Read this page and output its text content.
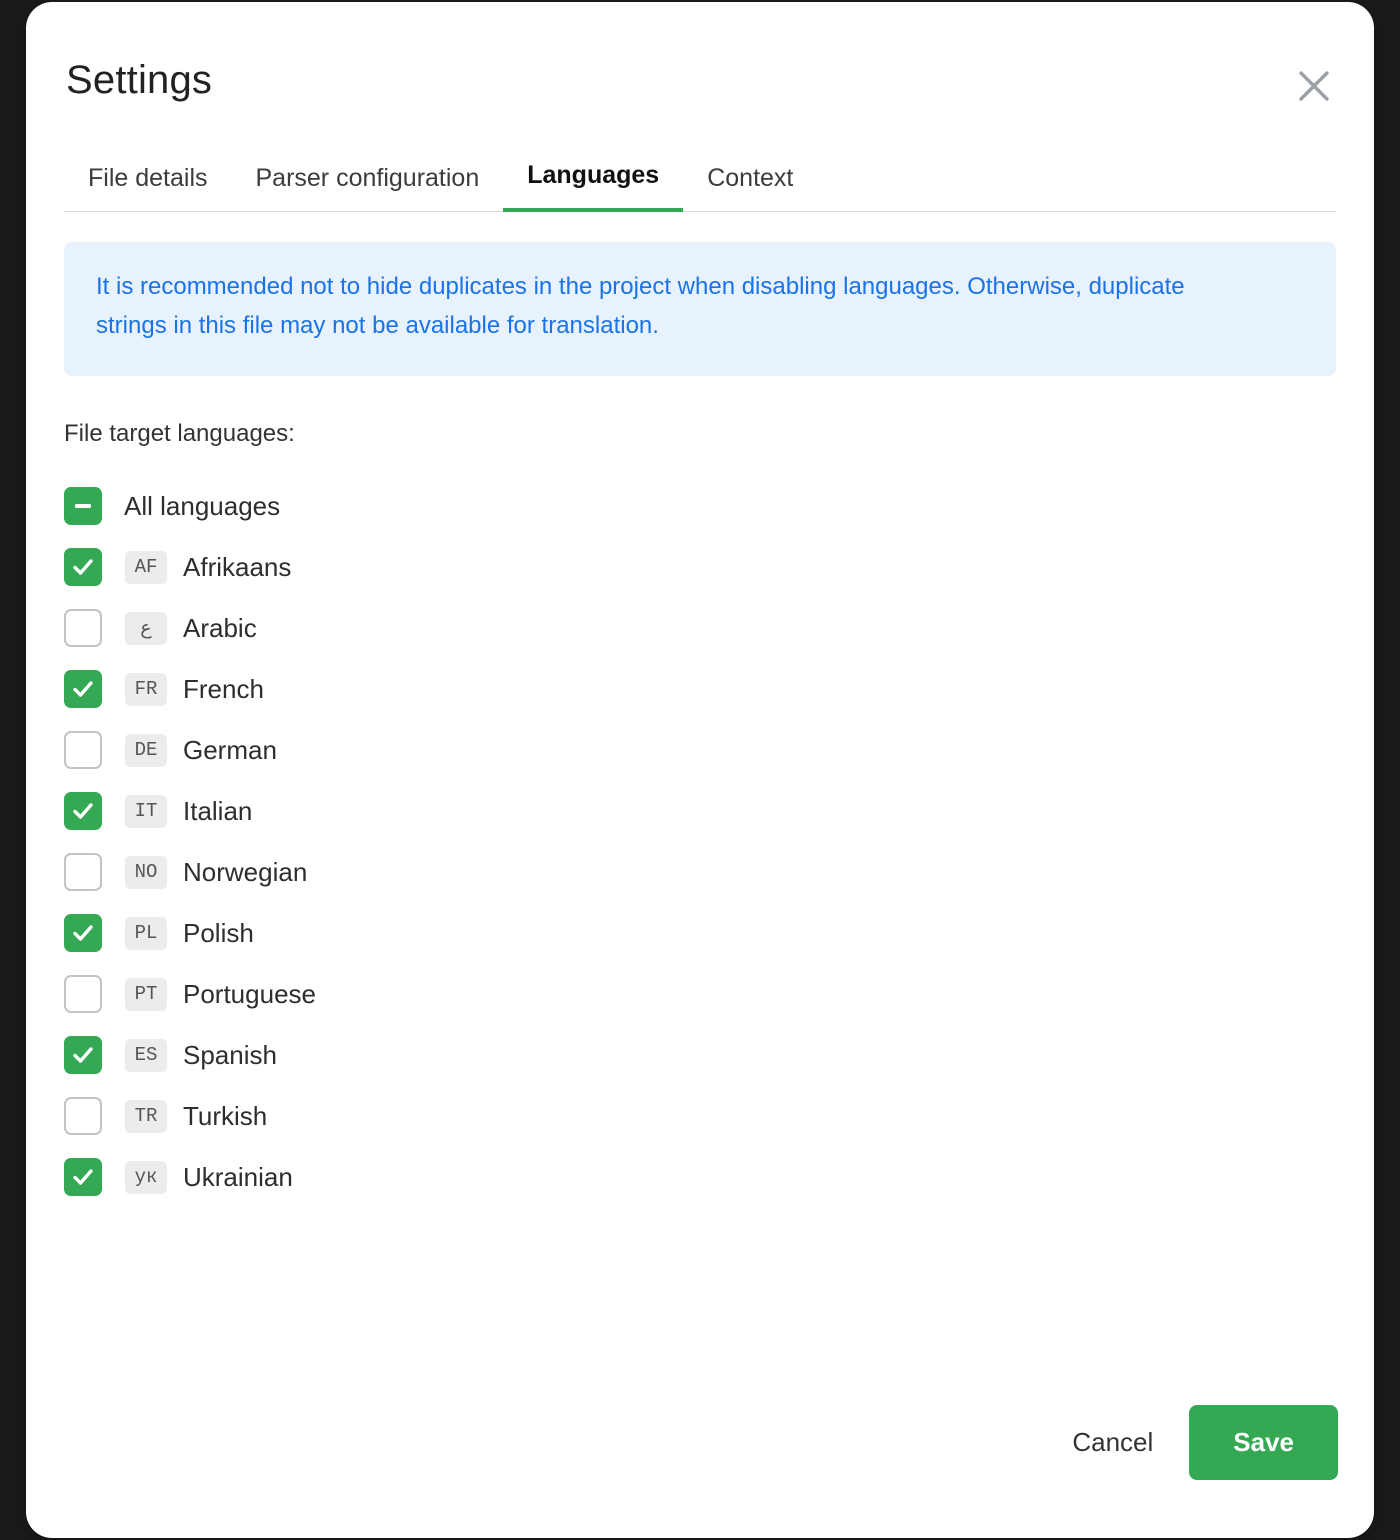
Settings
File details	Parser configuration	Languages	Context

It is recommended not to hide duplicates in the project when disabling languages. Otherwise, duplicate strings in this file may not be available for translation.

File target languages:
All languages
AF Afrikaans
ع	Arabic
FR French
DE German
IT Italian
NO Norwegian
PL Polish
PT Portuguese
ES Spanish
TR Turkish
ук Ukrainian
Cancel	Save
